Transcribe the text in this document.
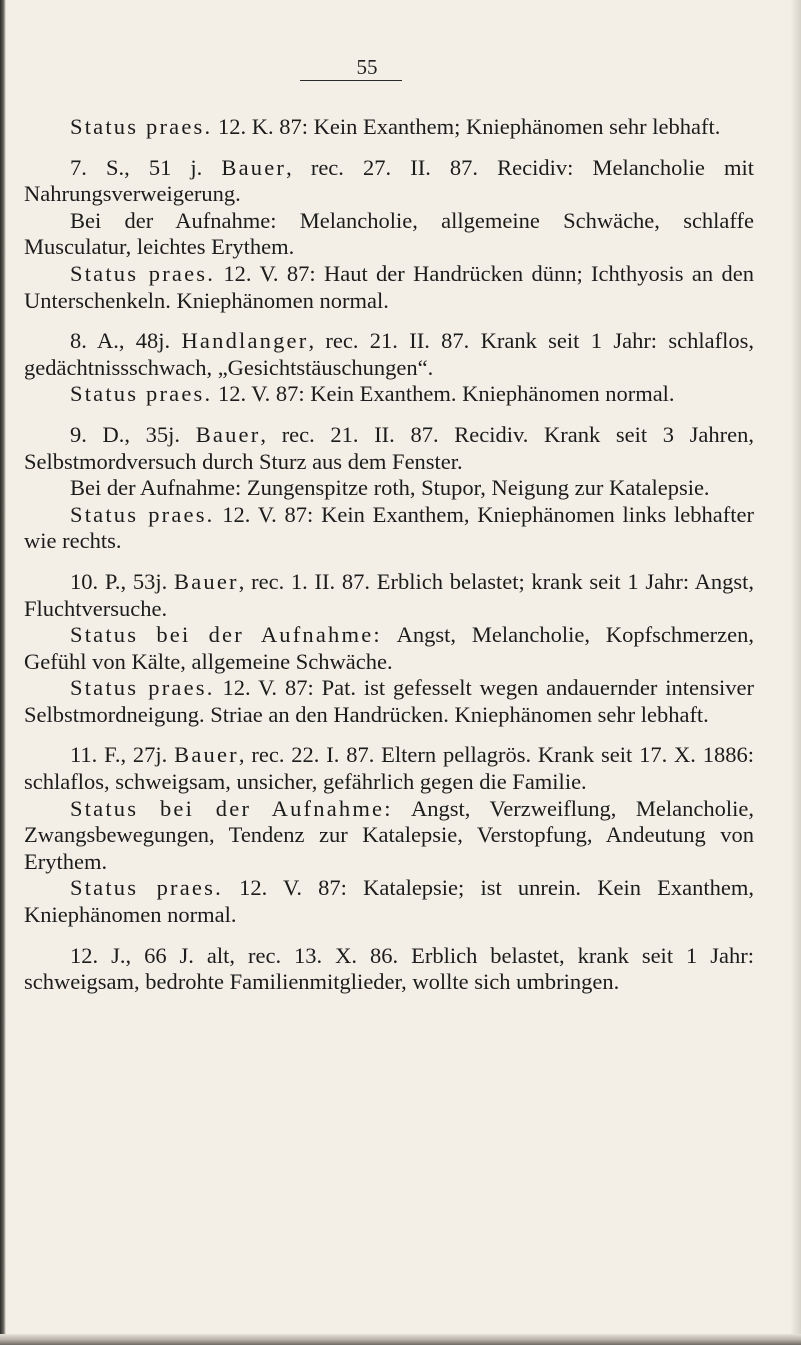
55

Status praes. 12. K. 87: Kein Exanthem; Kniephänomen sehr lebhaft.

7. S., 51 j. Bauer, rec. 27. II. 87. Recidiv: Melancholie mit Nahrungsverweigerung.

Bei der Aufnahme: Melancholie, allgemeine Schwäche, schlaffe Musculatur, leichtes Erythem.

Status praes. 12. V. 87: Haut der Handrücken dünn; Ichthyosis an den Unterschenkeln. Kniephänomen normal.

8. A., 48j. Handlanger, rec. 21. II. 87. Krank seit 1 Jahr: schlaflos, gedächtnissschwach, „Gesichtstäuschungen“.

Status praes. 12. V. 87: Kein Exanthem. Kniephänomen normal.

9. D., 35j. Bauer, rec. 21. II. 87. Recidiv. Krank seit 3 Jahren, Selbstmordversuch durch Sturz aus dem Fenster.

Bei der Aufnahme: Zungenspitze roth, Stupor, Neigung zur Katalepsie.

Status praes. 12. V. 87: Kein Exanthem, Kniephänomen links lebhafter wie rechts.

10. P., 53j. Bauer, rec. 1. II. 87. Erblich belastet; krank seit 1 Jahr: Angst, Fluchtversuche.

Status bei der Aufnahme: Angst, Melancholie, Kopfschmerzen, Gefühl von Kälte, allgemeine Schwäche.

Status praes. 12. V. 87: Pat. ist gefesselt wegen andauernder intensiver Selbstmordneigung. Striae an den Handrücken. Kniephänomen sehr lebhaft.

11. F., 27j. Bauer, rec. 22. I. 87. Eltern pellagrös. Krank seit 17. X. 1886: schlaflos, schweigsam, unsicher, gefährlich gegen die Familie.

Status bei der Aufnahme: Angst, Verzweiflung, Melancholie, Zwangsbewegungen, Tendenz zur Katalepsie, Verstopfung, Andeutung von Erythem.

Status praes. 12. V. 87: Katalepsie; ist unrein. Kein Exanthem, Kniephänomen normal.

12. J., 66 J. alt, rec. 13. X. 86. Erblich belastet, krank seit 1 Jahr: schweigsam, bedrohte Familienmitglieder, wollte sich umbringen.
